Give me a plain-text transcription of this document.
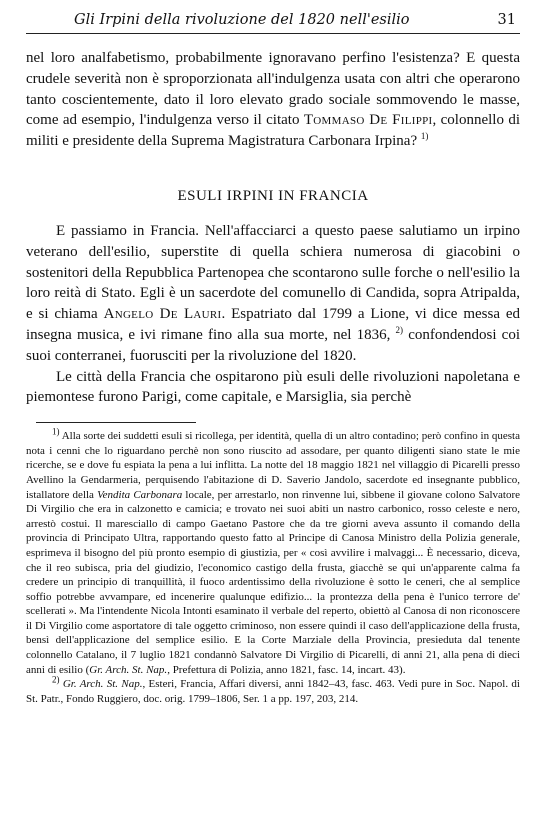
Gli Irpini della rivoluzione del 1820 nell'esilio	31

nel loro analfabetismo, probabilmente ignoravano perfino l'esistenza? E questa crudele severità non è sproporzionata all'indulgenza usata con altri che operarono tanto coscientemente, dato il loro elevato grado sociale sommovendo le masse, come ad esempio, l'indulgenza verso il citato Tommaso De Filippi, colonnello di militi e presidente della Suprema Magistratura Carbonara Irpina? $^{1)}$

ESULI IRPINI IN FRANCIA

E passiamo in Francia. Nell'affacciarci a questo paese salutiamo un irpino veterano dell'esilio, superstite di quella schiera numerosa di giacobini o sostenitori della Repubblica Partenopea che scontarono sulle forche o nell'esilio la loro reità di Stato. Egli è un sacerdote del comunello di Candida, sopra Atripalda, e si chiama Angelo De Lauri. Espatriato dal 1799 a Lione, vi dice messa ed insegna musica, e ivi rimane fino alla sua morte, nel 1836, $^{2)}$ confondendosi coi suoi conterranei, fuorusciti per la rivoluzione del 1820.

Le città della Francia che ospitarono più esuli delle rivoluzioni napoletana e piemontese furono Parigi, come capitale, e Marsiglia, sia perchè

$^{1)}$ Alla sorte dei suddetti esuli si ricollega, per identità, quella di un altro contadino; però confino in questa nota i cenni che lo riguardano perchè non sono riuscito ad assodare, per quanto diligenti siano state le mie ricerche, se e dove fu espiata la pena a lui inflitta. La notte del 18 maggio 1821 nel villaggio di Picarelli presso Avellino la Gendarmeria, perquisendo l'abitazione di D. Saverio Jandolo, sacerdote ed insegnante pubblico, istallatore della Vendita Carbonara locale, per arrestarlo, non rinvenne lui, sibbene il giovane colono Salvatore Di Virgilio che era in calzonetto e camicia; e trovato nei suoi abiti un nastro carbonico, rosso celeste e nero, arrestò costui. Il maresciallo di campo Gaetano Pastore che da tre giorni aveva assunto il comando della provincia di Principato Ultra, rapportando questo fatto al Principe di Canosa Ministro della Polizia generale, esprimeva il bisogno del più pronto esempio di giustizia, per « così avvilire i malvaggi... È necessario, diceva, che il reo subisca, pria del giudizio, l'economico castigo della frusta, giacchè se qui un'apparente calma fa credere un principio di tranquillità, il fuoco ardentissimo della rivoluzione è sotto le ceneri, che al semplice soffio potrebbe avvampare, ed incenerire qualunque edifizio... la prontezza della pena è l'unico terrore de' scellerati ». Ma l'intendente Nicola Intonti esaminato il verbale del reperto, obiettò al Canosa di non riconoscere il Di Virgilio come asportatore di tale oggetto criminoso, non essere quindi il caso dell'applicazione della frusta, bensì dell'applicazione del semplice esilio. E la Corte Marziale della Provincia, presieduta dal tenente colonnello Catalano, il 7 luglio 1821 condannò Salvatore Di Virgilio di Picarelli, di anni 21, alla pena di dieci anni di esilio (Gr. Arch. St. Nap., Prefettura di Polizia, anno 1821, fasc. 14, incart. 43).

$^{2)}$ Gr. Arch. St. Nap., Esteri, Francia, Affari diversi, anni 1842–43, fasc. 463. Vedi pure in Soc. Napol. di St. Patr., Fondo Ruggiero, doc. orig. 1799–1806, Ser. 1 a pp. 197, 203, 214.
